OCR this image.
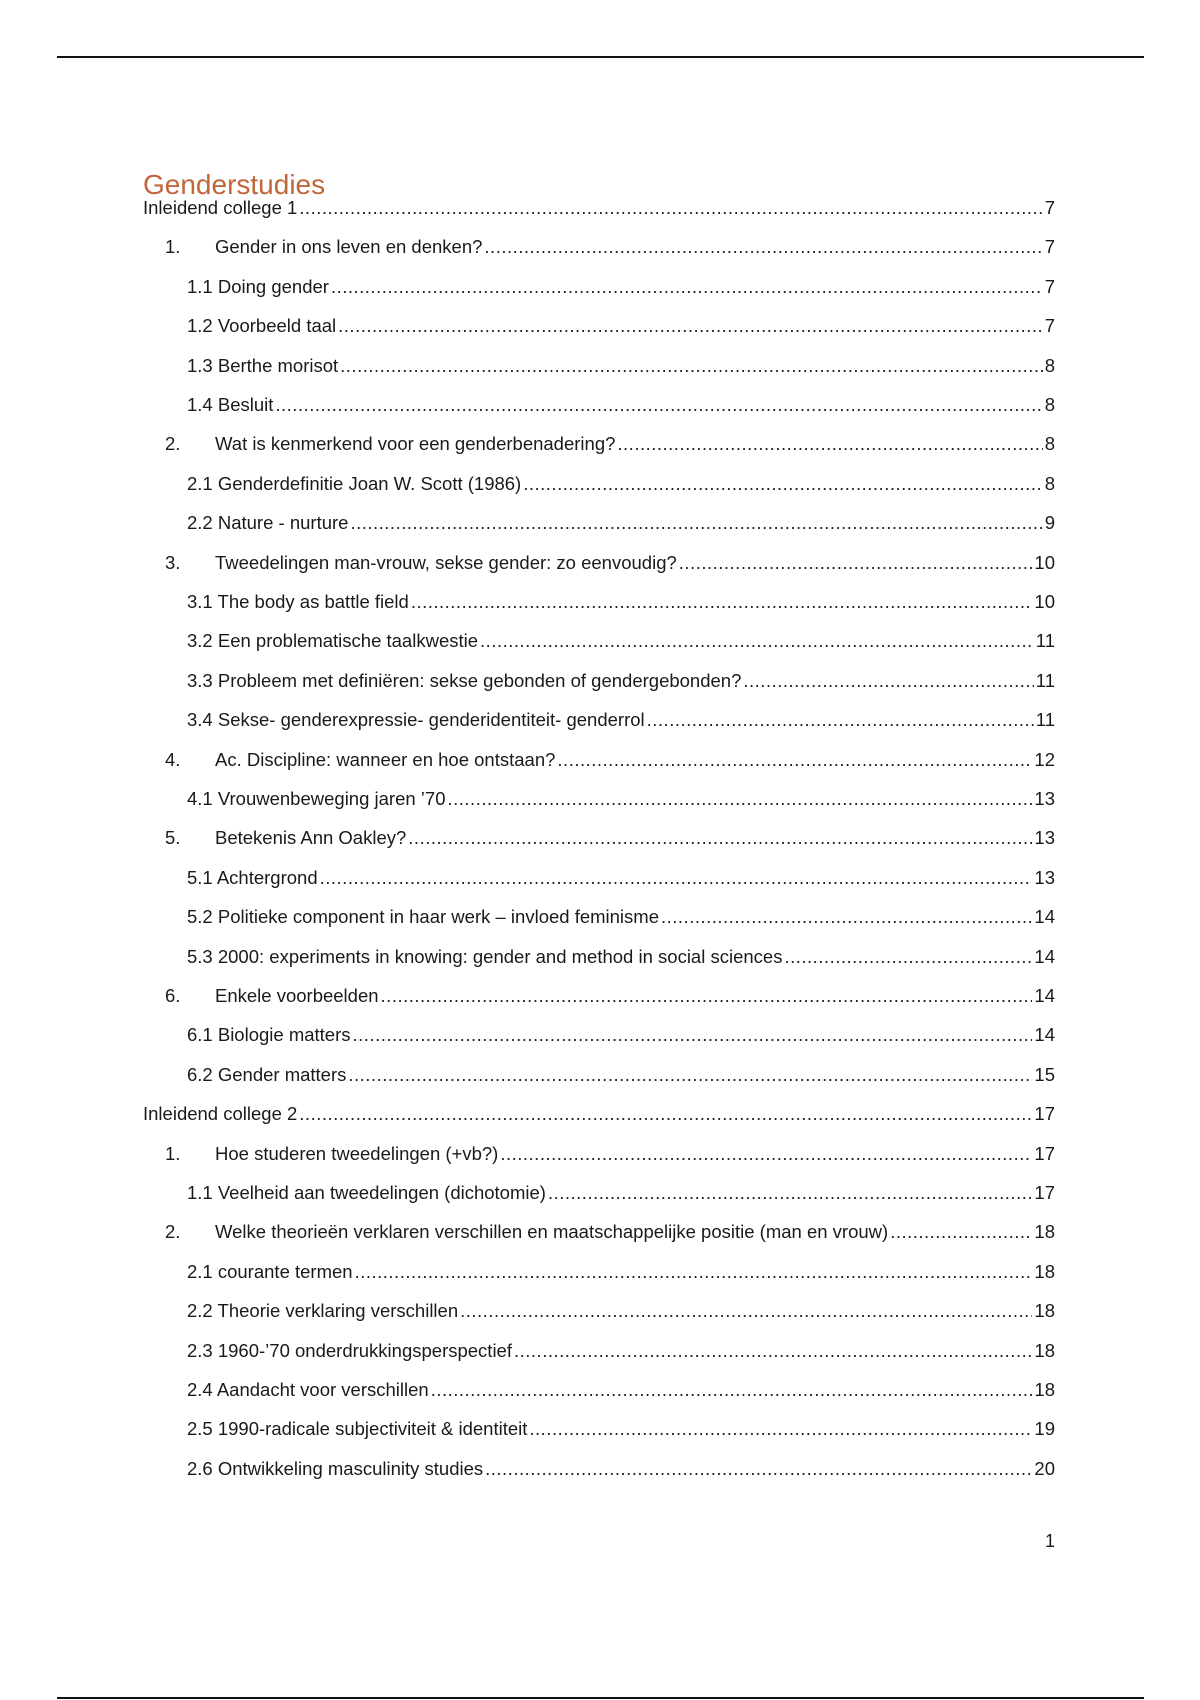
Genderstudies
Inleidend college 1 .....	7
1.	Gender in ons leven en denken? .....	7
1.1 Doing gender .....	7
1.2 Voorbeeld taal .....	7
1.3 Berthe morisot .....	8
1.4 Besluit .....	8
2.	Wat is kenmerkend voor een genderbenadering? .....	8
2.1 Genderdefinitie Joan W. Scott (1986) .....	8
2.2 Nature - nurture .....	9
3.	Tweedelingen man-vrouw, sekse gender: zo eenvoudig? .....	10
3.1 The body as battle field .....	10
3.2 Een problematische taalkwestie .....	11
3.3 Probleem met definiëren: sekse gebonden of gendergebonden? .....	11
3.4 Sekse- genderexpressie- genderidentiteit- genderrol .....	11
4.	Ac. Discipline: wanneer en hoe ontstaan? .....	12
4.1 Vrouwenbeweging jaren ’70 .....	13
5.	Betekenis Ann Oakley? .....	13
5.1 Achtergrond .....	13
5.2 Politieke component in haar werk – invloed feminisme .....	14
5.3 2000: experiments in knowing: gender and method in social sciences .....	14
6.	Enkele voorbeelden .....	14
6.1 Biologie matters .....	14
6.2 Gender matters .....	15
Inleidend college 2 .....	17
1.	Hoe studeren tweedelingen (+vb?) .....	17
1.1 Veelheid aan tweedelingen (dichotomie) .....	17
2.	Welke theorieën verklaren verschillen en maatschappelijke positie (man en vrouw) .....	18
2.1 courante termen .....	18
2.2 Theorie verklaring verschillen .....	18
2.3 1960-’70 onderdrukkingsperspectief .....	18
2.4 Aandacht voor verschillen .....	18
2.5 1990-radicale subjectiviteit & identiteit .....	19
2.6 Ontwikkeling masculinity studies .....	20
1
